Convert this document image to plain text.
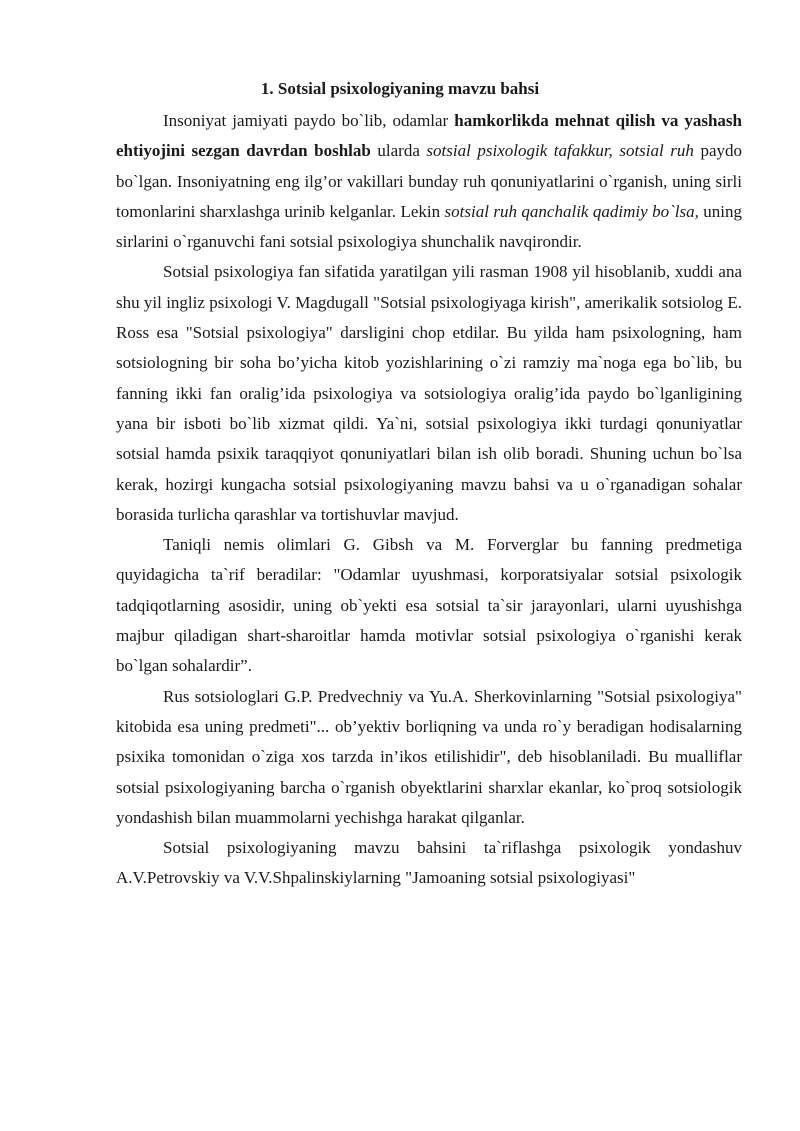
1. Sotsial psixologiyaning mavzu bahsi

Insoniyat jamiyati paydo bo`lib, odamlar hamkorlikda mehnat qilish va yashash ehtiyojini sezgan davrdan boshlab ularda sotsial psixologik tafakkur, sotsial ruh paydo bo`lgan. Insoniyatning eng ilg’or vakillari bunday ruh qonuniyatlarini o`rganish, uning sirli tomonlarini sharxlashga urinib kelganlar. Lekin sotsial ruh qanchalik qadimiy bo`lsa, uning sirlarini o`rganuvchi fani sotsial psixologiya shunchalik navqirondir.

Sotsial psixologiya fan sifatida yaratilgan yili rasman 1908 yil hisoblanib, xuddi ana shu yil ingliz psixologi V. Magdugall "Sotsial psixologiyaga kirish", amerikalik sotsiolog E. Ross esa "Sotsial psixologiya" darsligini chop etdilar. Bu yilda ham psixologning, ham sotsiologning bir soha bo’yicha kitob yozishlarining o`zi ramziy ma`noga ega bo`lib, bu fanning ikki fan oralig’ida psixologiya va sotsiologiya oralig’ida paydo bo`lganligining yana bir isboti bo`lib xizmat qildi. Ya`ni, sotsial psixologiya ikki turdagi qonuniyatlar sotsial hamda psixik taraqqiyot qonuniyatlari bilan ish olib boradi. Shuning uchun bo`lsa kerak, hozirgi kungacha sotsial psixologiyaning mavzu bahsi va u o`rganadigan sohalar borasida turlicha qarashlar va tortishuvlar mavjud.

Taniqli nemis olimlari G. Gibsh va M. Forverglar bu fanning predmetiga quyidagicha ta`rif beradilar: "Odamlar uyushmasi, korporatsiyalar sotsial psixologik tadqiqotlarning asosidir, uning ob`yekti esa sotsial ta`sir jarayonlari, ularni uyushishga majbur qiladigan shart-sharoitlar hamda motivlar sotsial psixologiya o`rganishi kerak bo`lgan sohalardir”.

Rus sotsiologlari G.P. Predvechniy va Yu.A. Sherkovinlarning "Sotsial psixologiya" kitobida esa uning predmeti"... ob’yektiv borliqning va unda ro`y beradigan hodisalarning psixika tomonidan o`ziga xos tarzda in’ikos etilishidir", deb hisoblaniladi. Bu mualliflar sotsial psixologiyaning barcha o`rganish obyektlarini sharxlar ekanlar, ko`proq sotsiologik yondashish bilan muammolarni yechishga harakat qilganlar.

Sotsial psixologiyaning mavzu bahsini ta`riflashga psixologik yondashuv A.V.Petrovskiy va V.V.Shpalinskiylarning "Jamoaning sotsial psixologiyasi"
